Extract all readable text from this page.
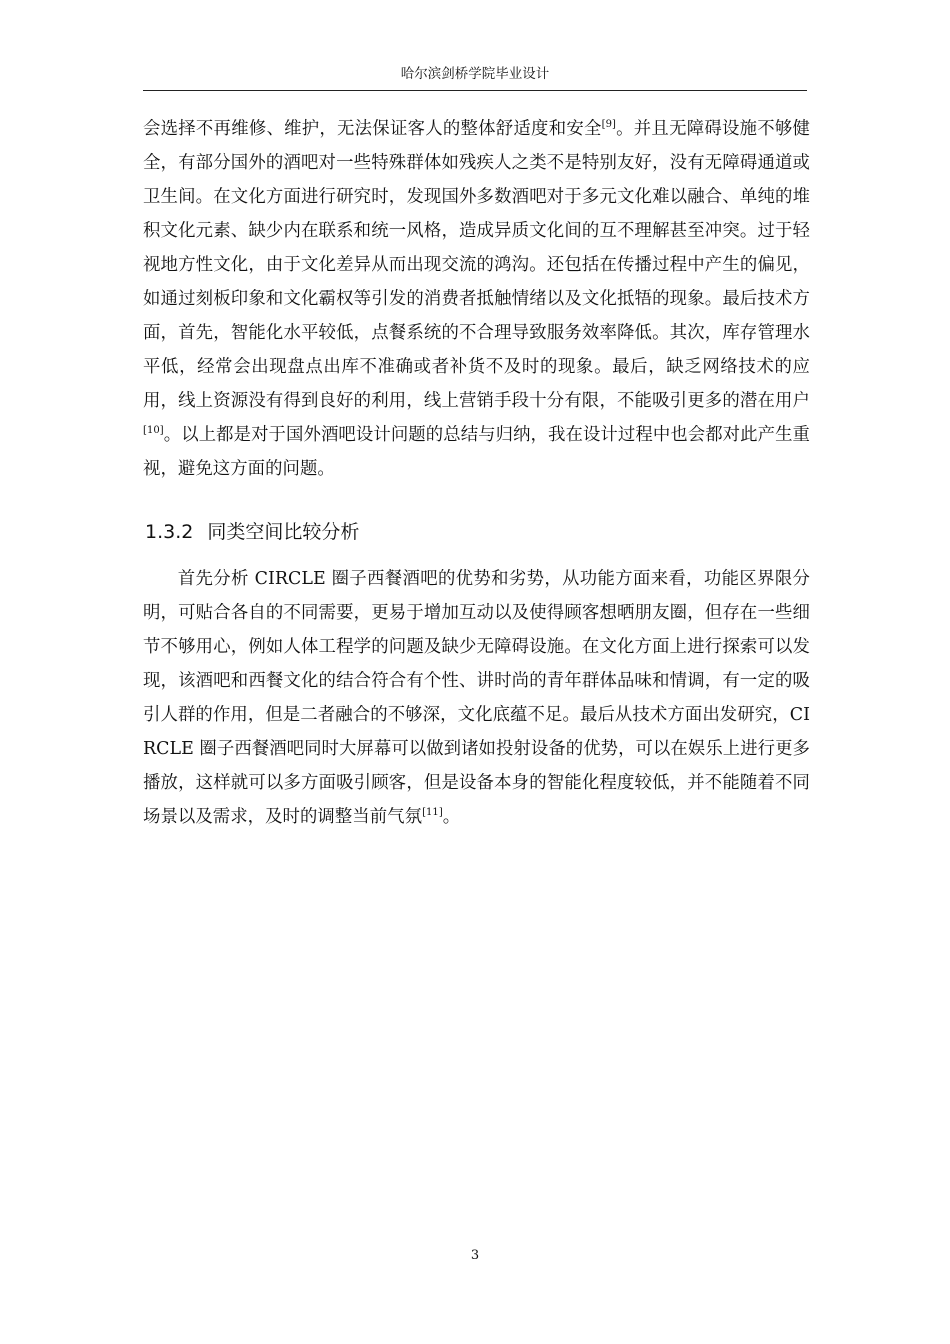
哈尔滨剑桥学院毕业设计

会选择不再维修、维护，无法保证客人的整体舒适度和安全[9]。并且无障碍设施不够健全，有部分国外的酒吧对一些特殊群体如残疾人之类不是特别友好，没有无障碍通道或卫生间。在文化方面进行研究时，发现国外多数酒吧对于多元文化难以融合、单纯的堆积文化元素、缺少内在联系和统一风格，造成异质文化间的互不理解甚至冲突。过于轻视地方性文化，由于文化差异从而出现交流的鸿沟。还包括在传播过程中产生的偏见，如通过刻板印象和文化霸权等引发的消费者抵触情绪以及文化抵牾的现象。最后技术方面，首先，智能化水平较低，点餐系统的不合理导致服务效率降低。其次，库存管理水平低，经常会出现盘点出库不准确或者补货不及时的现象。最后，缺乏网络技术的应用，线上资源没有得到良好的利用，线上营销手段十分有限，不能吸引更多的潜在用户[10]。以上都是对于国外酒吧设计问题的总结与归纳，我在设计过程中也会都对此产生重视，避免这方面的问题。

1.3.2 同类空间比较分析

首先分析 CIRCLE 圈子西餐酒吧的优势和劣势，从功能方面来看，功能区界限分明，可贴合各自的不同需要，更易于增加互动以及使得顾客想晒朋友圈，但存在一些细节不够用心，例如人体工程学的问题及缺少无障碍设施。在文化方面上进行探索可以发现，该酒吧和西餐文化的结合符合有个性、讲时尚的青年群体品味和情调，有一定的吸引人群的作用，但是二者融合的不够深，文化底蕴不足。最后从技术方面出发研究，CIRCLE 圈子西餐酒吧同时大屏幕可以做到诸如投射设备的优势，可以在娱乐上进行更多播放，这样就可以多方面吸引顾客，但是设备本身的智能化程度较低，并不能随着不同场景以及需求，及时的调整当前气氛[11]。

3
